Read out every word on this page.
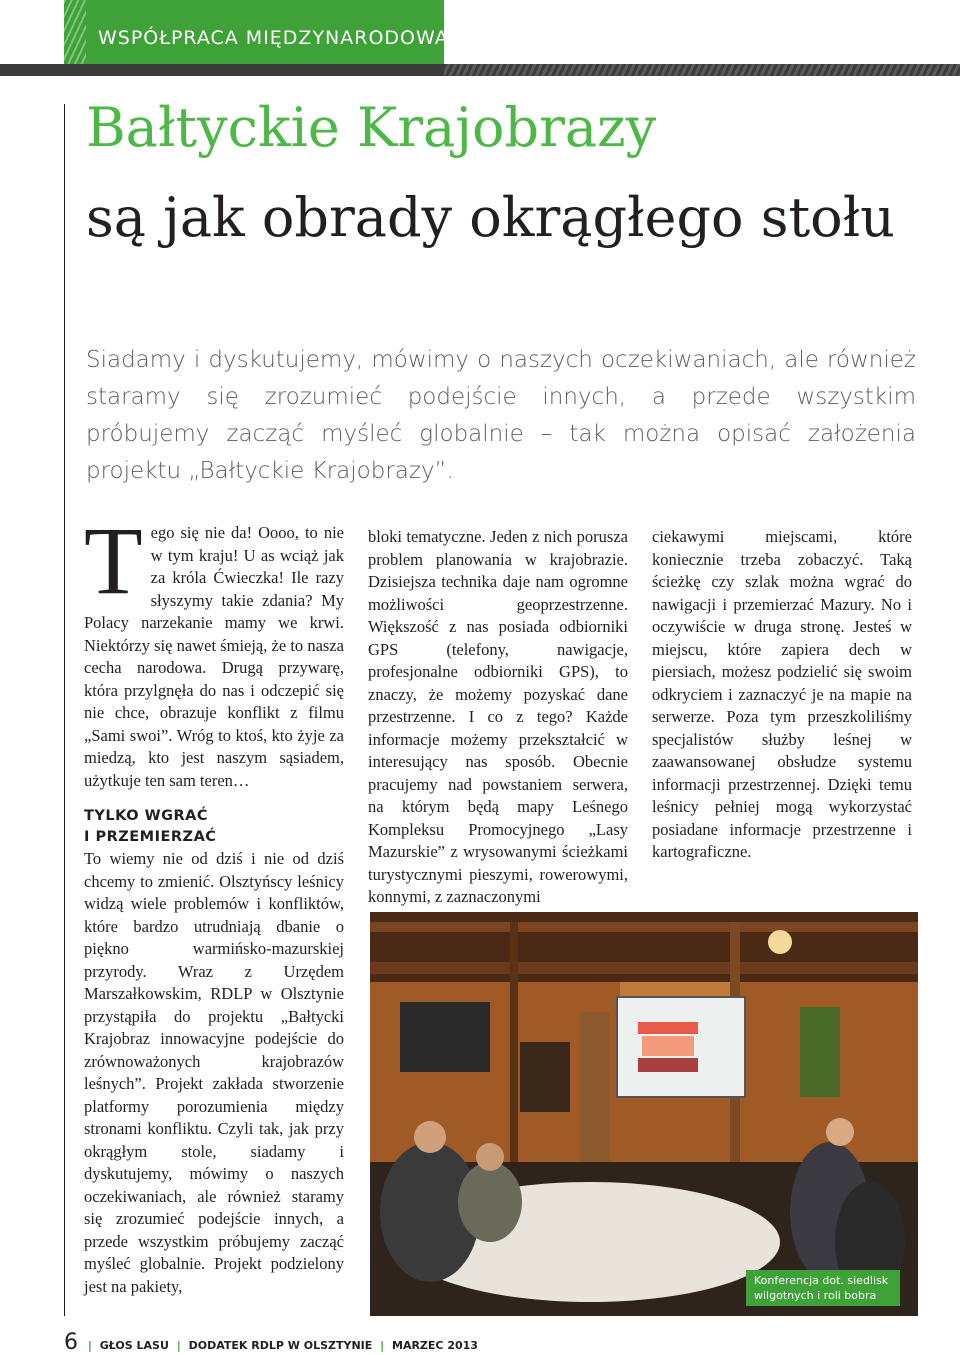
WSPÓŁPRACA MIĘDZYNARODOWA
Bałtyckie Krajobrazy
są jak obrady okrągłego stołu
Siadamy i dyskutujemy, mówimy o naszych oczekiwaniach, ale również staramy się zrozumieć podejście innych, a przede wszystkim próbujemy zacząć myśleć globalnie – tak można opisać założenia projektu „Bałtyckie Krajobrazy”.
T ego się nie da! Oooo, to nie w tym kraju! U as wciąż jak za króla Ćwieczka! Ile razy słyszymy takie zdania? My Polacy narzekanie mamy we krwi. Niektórzy się nawet śmieją, że to nasza cecha narodowa. Drugą przywarę, która przylgnęła do nas i odczepić się nie chce, obrazuje konflikt z filmu „Sami swoi”. Wróg to ktoś, kto żyje za miedzą, kto jest naszym sąsiadem, użytkuje ten sam teren…

TYLKO WGRAĆ

I PRZEMIERZAĆ

To wiemy nie od dziś i nie od dziś chcemy to zmienić. Olsztyńscy leśnicy widzą wiele problemów i konfliktów, które bardzo utrudniają dbanie o piękno warmińsko-mazurskiej przyrody. Wraz z Urzędem Marszałkowskim, RDLP w Olsztynie przystąpiła do projektu „Bałtycki Krajobraz innowacyjne podejście do zrównoważonych krajobrazów leśnych”. Projekt zakłada stworzenie platformy porozumienia między stronami konfliktu. Czyli tak, jak przy okrągłym stole, siadamy i dyskutujemy, mówimy o naszych oczekiwaniach, ale również staramy się zrozumieć podejście innych, a przede wszystkim próbujemy zacząć myśleć globalnie. Projekt podzielony jest na pakiety,

bloki tematyczne. Jeden z nich porusza problem planowania w krajobrazie. Dzisiejsza technika daje nam ogromne możliwości geoprzestrzenne. Większość z nas posiada odbiorniki GPS (telefony, nawigacje, profesjonalne odbiorniki GPS), to znaczy, że możemy pozyskać dane przestrzenne. I co z tego? Każde informacje możemy przekształcić w interesujący nas sposób. Obecnie pracujemy nad powstaniem serwera, na którym będą mapy Leśnego Kompleksu Promocyjnego „Lasy Mazurskie” z wrysowanymi ścieżkami turystycznymi pieszymi, rowerowymi, konnymi, z zaznaczonymi

ciekawymi miejscami, które koniecznie trzeba zobaczyć. Taką ścieżkę czy szlak można wgrać do nawigacji i przemierzać Mazury. No i oczywiście w druga stronę. Jesteś w miejscu, które zapiera dech w piersiach, możesz podzielić się swoim odkryciem i zaznaczyć je na mapie na serwerze. Poza tym przeszkoliliśmy specjalistów służby leśnej w zaawansowanej obsłudze systemu informacji przestrzennej. Dzięki temu leśnicy pełniej mogą wykorzystać posiadane informacje przestrzenne i kartograficzne.

Konferencja dot. siedlisk wilgotnych i roli bobra
6 | GŁOS LASU | DODATEK RDLP W OLSZTYNIE | MARZEC 2013
